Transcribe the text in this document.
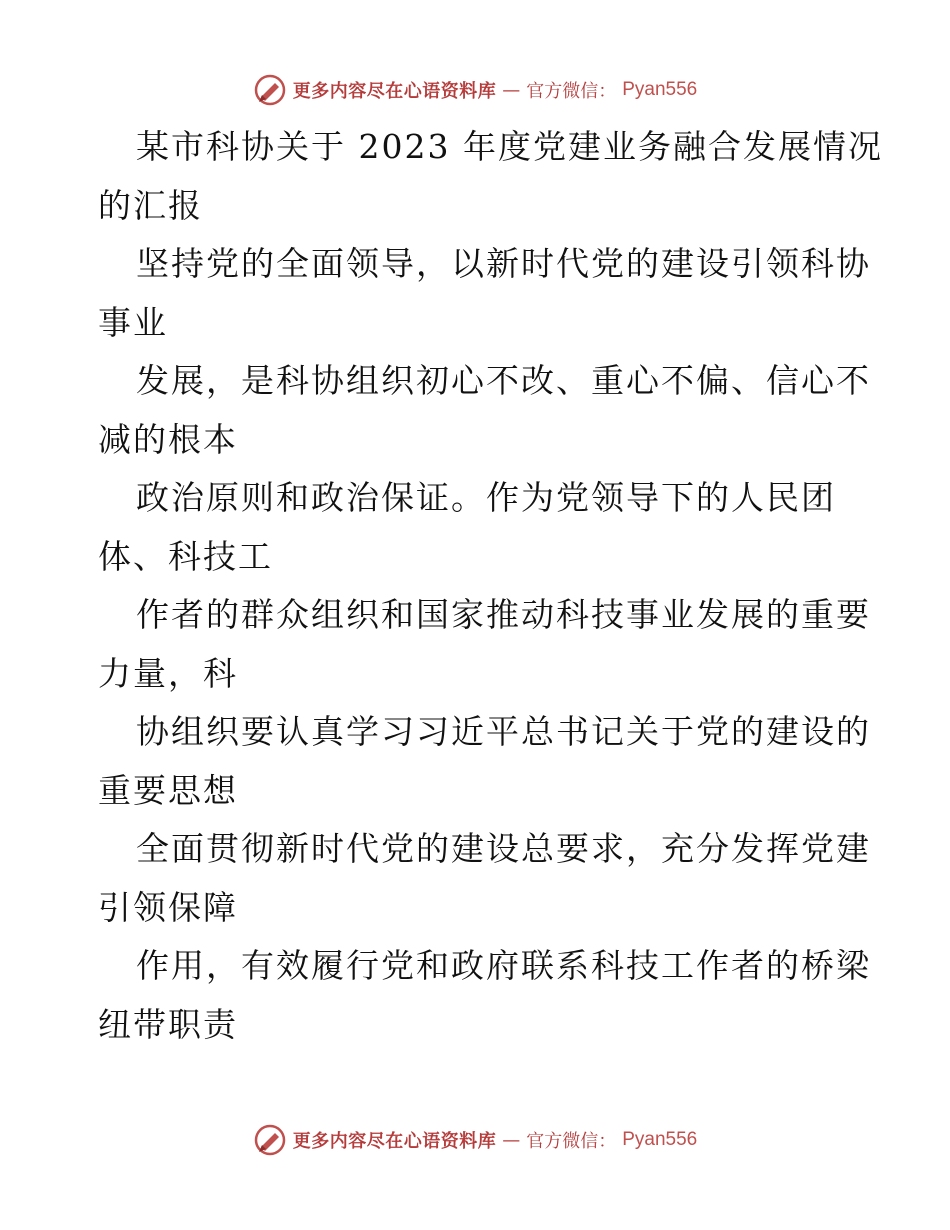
更多内容尽在心语资料库 — 官方微信： Pyan556

某市科协关于 2023 年度党建业务融合发展情况

的汇报

坚持党的全面领导，以新时代党的建设引领科协

事业

发展，是科协组织初心不改、重心不偏、信心不

减的根本

政治原则和政治保证。作为党领导下的人民团

体、科技工

作者的群众组织和国家推动科技事业发展的重要

力量，科

协组织要认真学习习近平总书记关于党的建设的

重要思想

全面贯彻新时代党的建设总要求，充分发挥党建

引领保障

作用，有效履行党和政府联系科技工作者的桥梁

纽带职责

更多内容尽在心语资料库 — 官方微信： Pyan556
